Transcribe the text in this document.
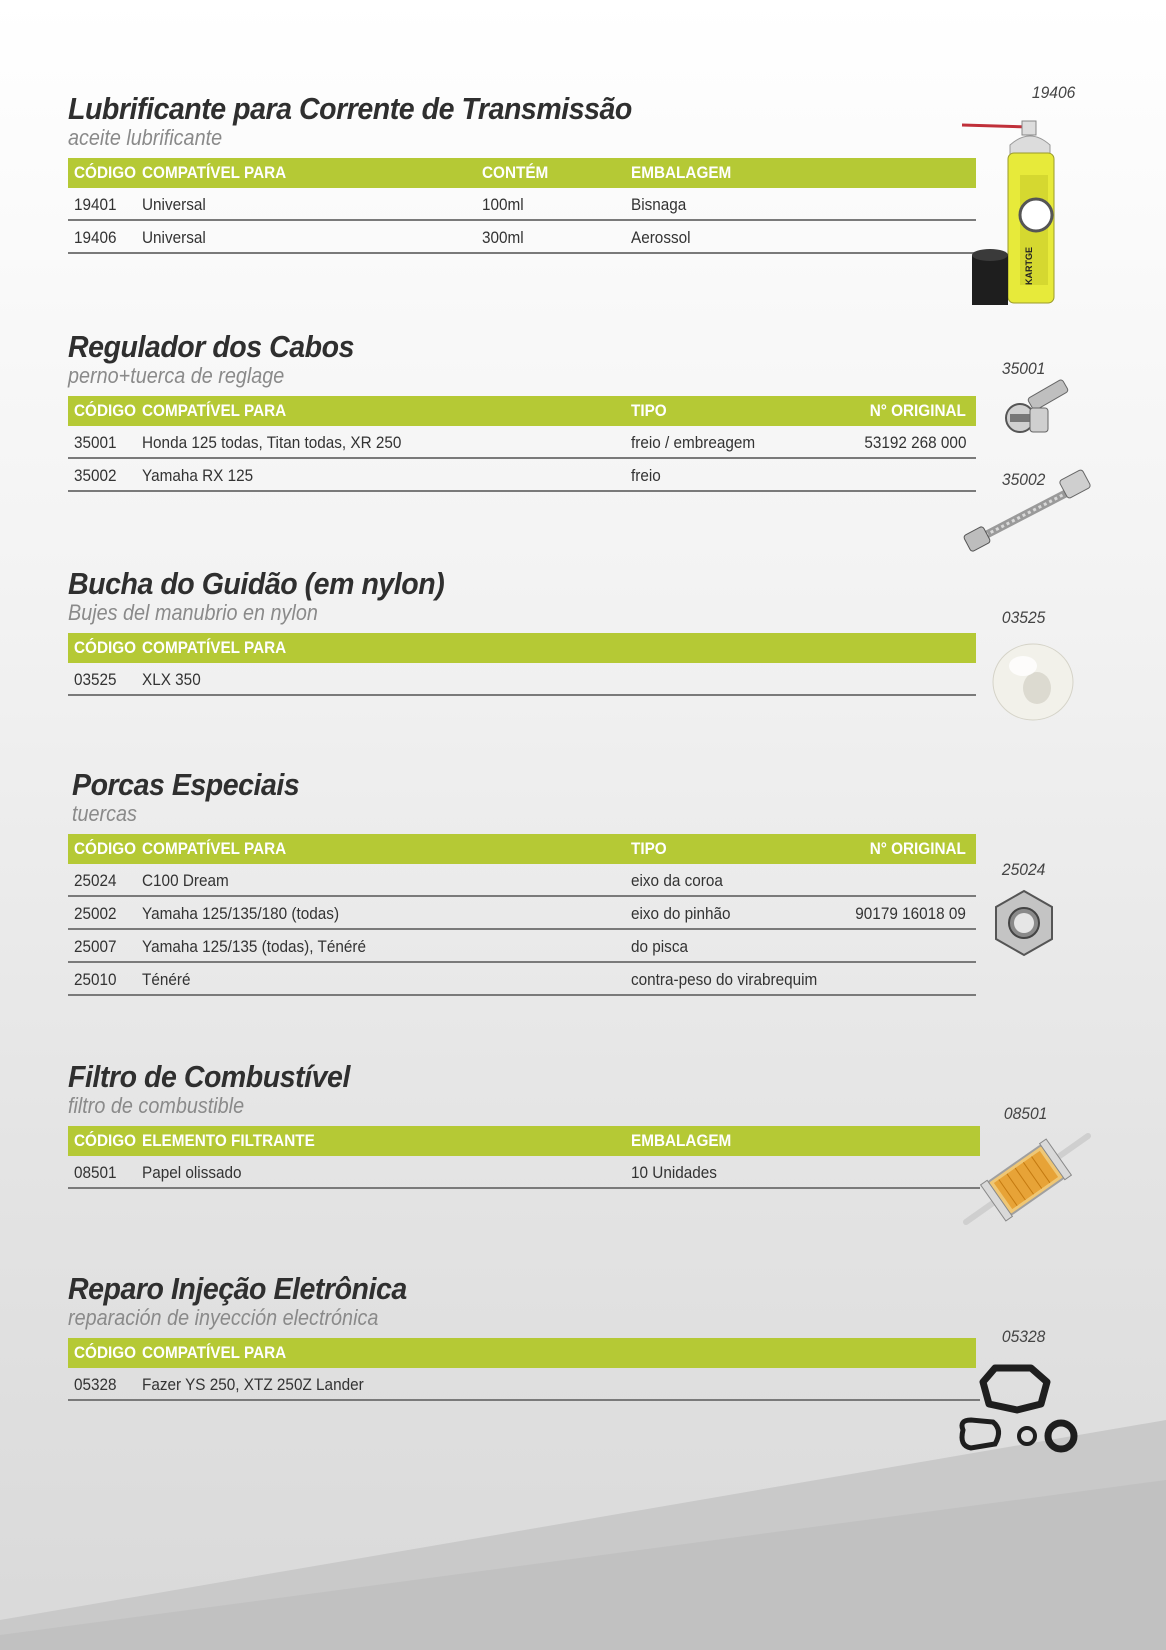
Lubrificante para Corrente de Transmissão
aceite lubrificante
CÓDIGO COMPATÍVEL PARA	CONTÉM	EMBALAGEM
19401 Universal	100ml	Bisnaga
19406 Universal	300ml	Aerossol
19406
KARTGE
Regulador dos Cabos
perno+tuerca de reglage
CÓDIGO COMPATÍVEL PARA	TIPO	N° ORIGINAL
35001 Honda 125 todas, Titan todas, XR 250	freio / embreagem	53192 268 000
35002 Yamaha RX 125	freio
35001
35002
Bucha do Guidão (em nylon)
Bujes del manubrio en nylon
CÓDIGO COMPATÍVEL PARA
03525 XLX 350
03525
Porcas Especiais
tuercas
CÓDIGO COMPATÍVEL PARA	TIPO	N° ORIGINAL
25024 C100 Dream	eixo da coroa
25002 Yamaha 125/135/180 (todas)	eixo do pinhão	90179 16018 09
25007 Yamaha 125/135 (todas), Ténéré	do pisca
25010 Ténéré	contra-peso do virabrequim
25024
Filtro de Combustível
filtro de combustible
CÓDIGO ELEMENTO FILTRANTE	EMBALAGEM
08501 Papel olissado	10 Unidades
08501
Reparo Injeção Eletrônica
reparación de inyección electrónica
CÓDIGO COMPATÍVEL PARA
05328 Fazer YS 250, XTZ 250Z Lander
05328
